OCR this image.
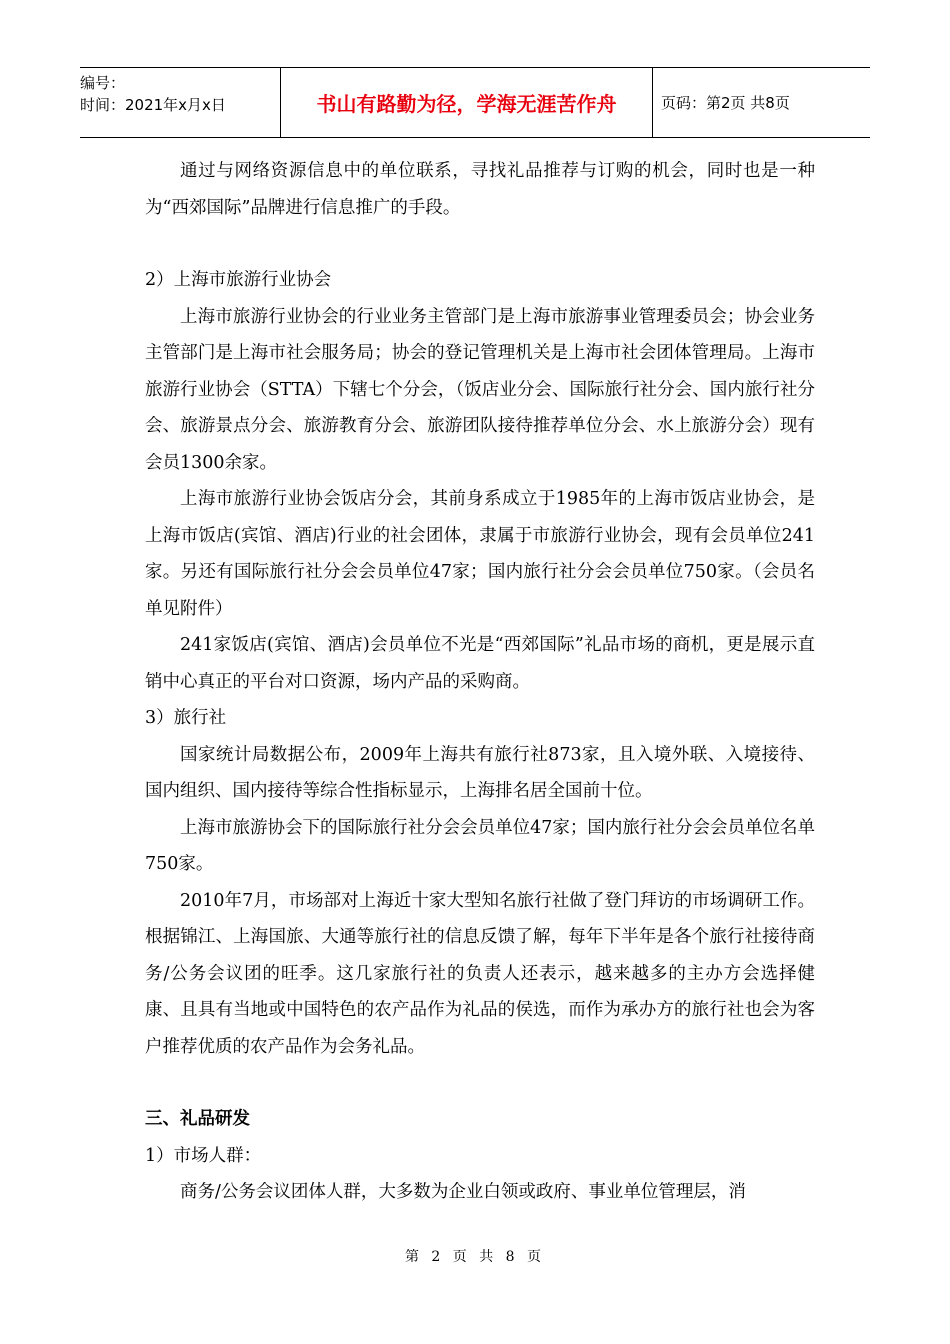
编号：
时间：2021年x月x日	书山有路勤为径，学海无涯苦作舟	页码：第2页 共8页

通过与网络资源信息中的单位联系，寻找礼品推荐与订购的机会，同时也是一种为“西郊国际”品牌进行信息推广的手段。

2）上海市旅游行业协会

上海市旅游行业协会的行业业务主管部门是上海市旅游事业管理委员会；协会业务主管部门是上海市社会服务局；协会的登记管理机关是上海市社会团体管理局。上海市旅游行业协会（STTA）下辖七个分会，（饭店业分会、国际旅行社分会、国内旅行社分会、旅游景点分会、旅游教育分会、旅游团队接待推荐单位分会、水上旅游分会）现有会员1300余家。

上海市旅游行业协会饭店分会，其前身系成立于1985年的上海市饭店业协会，是上海市饭店(宾馆、酒店)行业的社会团体，隶属于市旅游行业协会，现有会员单位241家。另还有国际旅行社分会会员单位47家；国内旅行社分会会员单位750家。（会员名单见附件）

241家饭店(宾馆、酒店)会员单位不光是“西郊国际”礼品市场的商机，更是展示直销中心真正的平台对口资源，场内产品的采购商。

3）旅行社

国家统计局数据公布，2009年上海共有旅行社873家，且入境外联、入境接待、国内组织、国内接待等综合性指标显示，上海排名居全国前十位。

上海市旅游协会下的国际旅行社分会会员单位47家；国内旅行社分会会员单位名单750家。

2010年7月，市场部对上海近十家大型知名旅行社做了登门拜访的市场调研工作。根据锦江、上海国旅、大通等旅行社的信息反馈了解，每年下半年是各个旅行社接待商务/公务会议团的旺季。这几家旅行社的负责人还表示，越来越多的主办方会选择健康、且具有当地或中国特色的农产品作为礼品的侯选，而作为承办方的旅行社也会为客户推荐优质的农产品作为会务礼品。

三、礼品研发

1）市场人群：

商务/公务会议团体人群，大多数为企业白领或政府、事业单位管理层，消

第 2 页 共 8 页
